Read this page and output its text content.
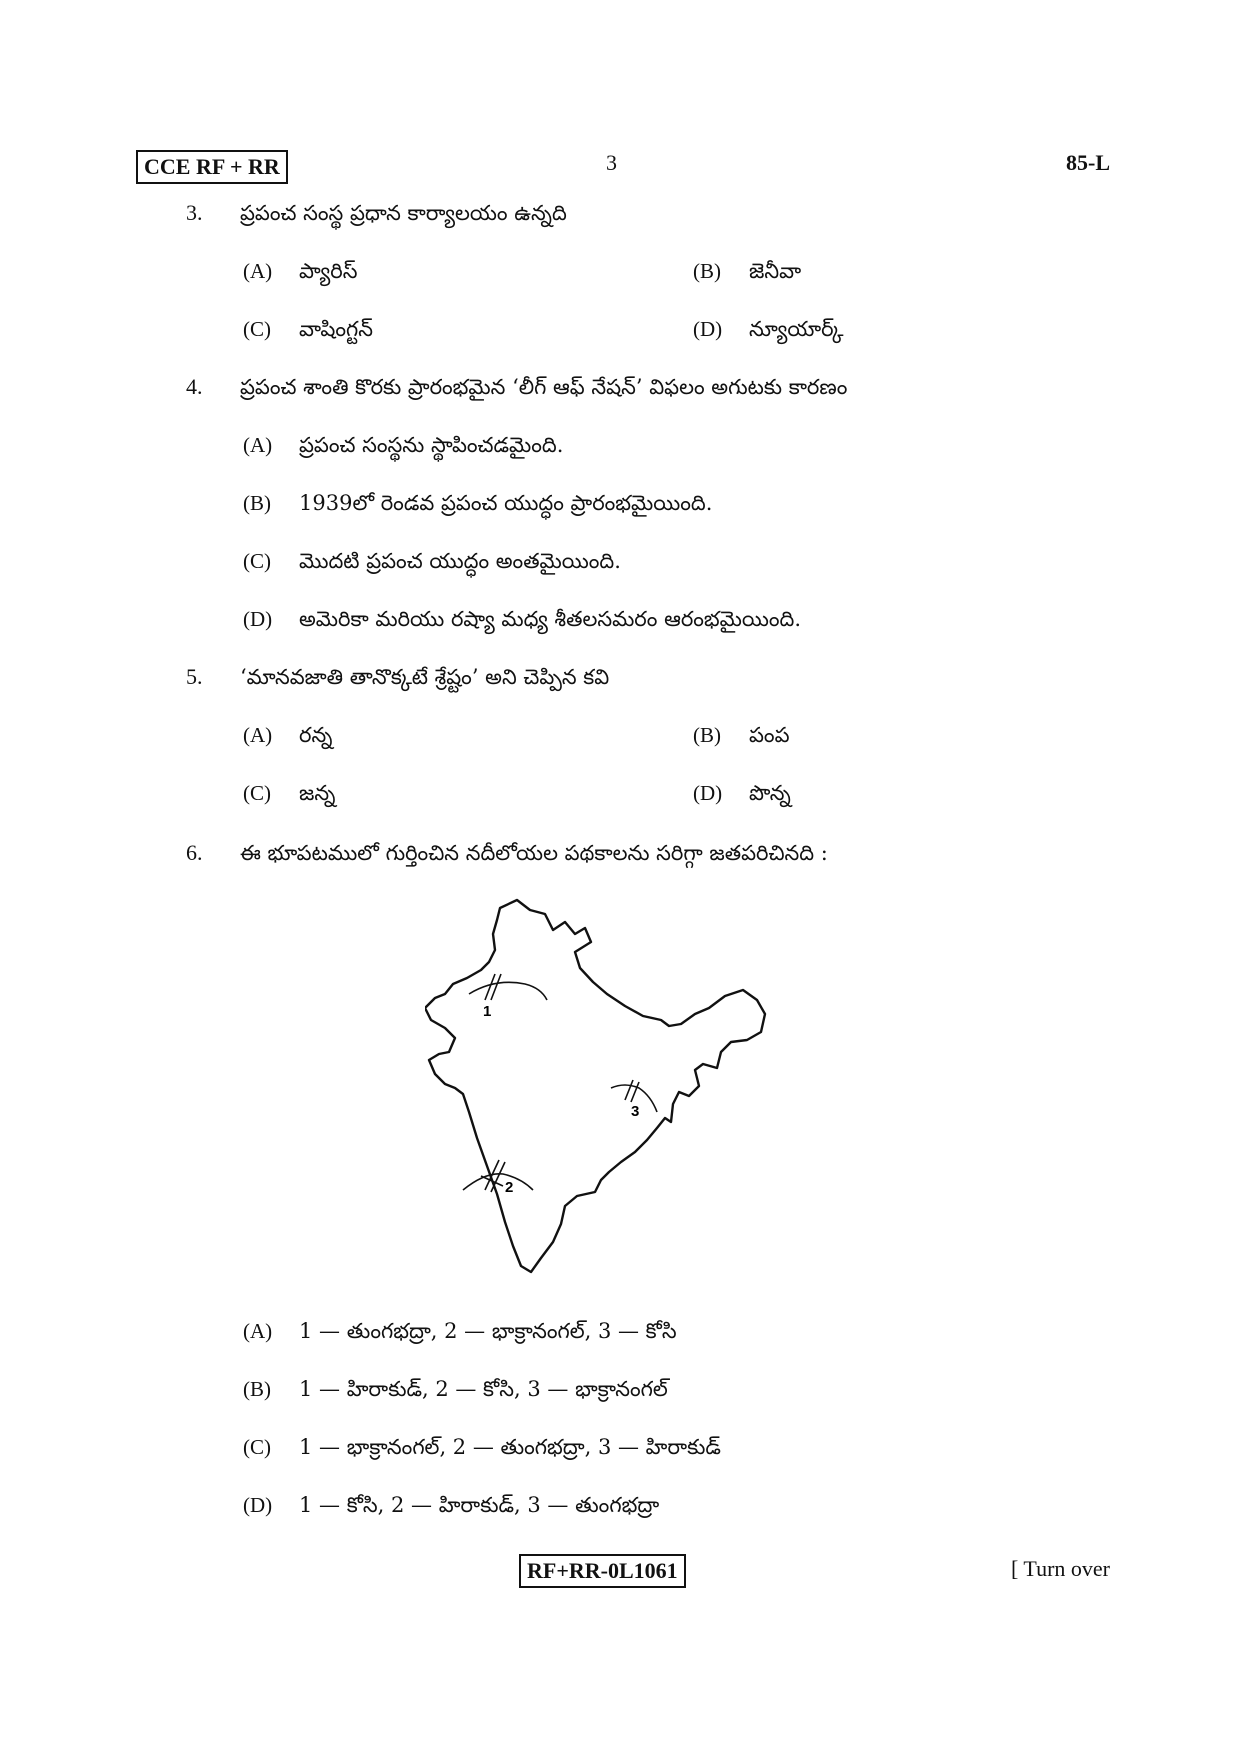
CCE RF + RR	3	85-L
3. ప్రపంచ సంస్థ ప్రధాన కార్యాలయం ఉన్నది
(A) ప్యారిస్	(B) జెనీవా
(C) వాషింగ్టన్	(D) న్యూయార్క్
4. ప్రపంచ శాంతి కొరకు ప్రారంభమైన ‘లీగ్ ఆఫ్ నేషన్’ విఫలం అగుటకు కారణం
(A) ప్రపంచ సంస్థను స్థాపించడమైంది.
(B) 1939లో రెండవ ప్రపంచ యుద్ధం ప్రారంభమైయింది.
(C) మొదటి ప్రపంచ యుద్ధం అంతమైయింది.
(D) అమెరికా మరియు రష్యా మధ్య శీతలసమరం ఆరంభమైయింది.
5. ‘మానవజాతి తానొక్కటే శ్రేష్టం’ అని చెప్పిన కవి
(A) రన్న	(B) పంప
(C) జన్న	(D) పొన్న
6. ఈ భూపటములో గుర్తించిన నదీలోయల పథకాలను సరిగ్గా జతపరిచినది :
1
2
3
(A) 1 — తుంగభద్రా, 2 — భాక్రానంగల్, 3 — కోసి
(B) 1 — హిరాకుడ్, 2 — కోసి, 3 — భాక్రానంగల్
(C) 1 — భాక్రానంగల్, 2 — తుంగభద్రా, 3 — హిరాకుడ్
(D) 1 — కోసి, 2 — హిరాకుడ్, 3 — తుంగభద్రా
RF+RR-0L1061	[ Turn over
